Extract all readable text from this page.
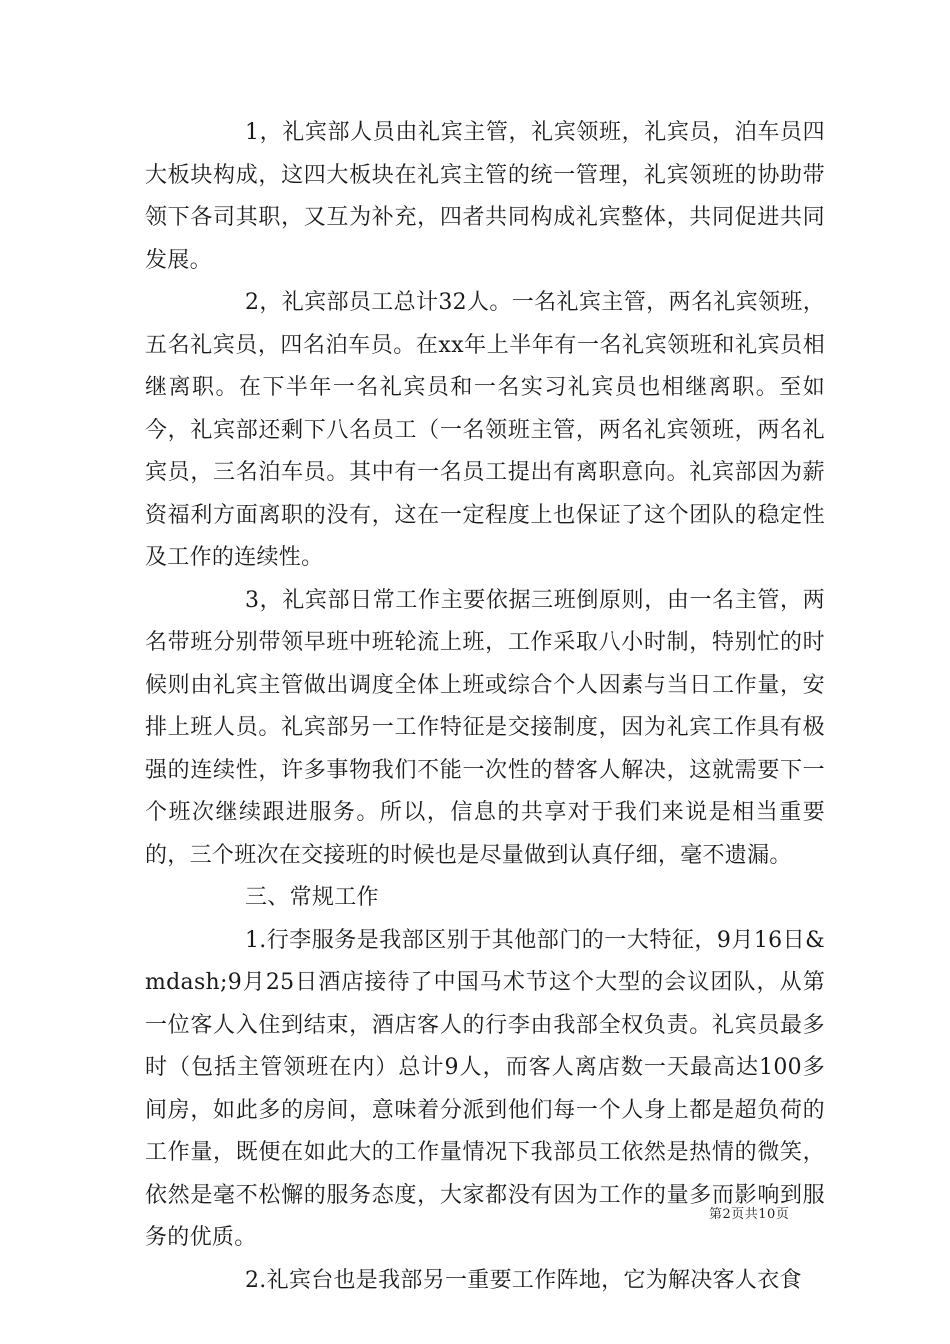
1，礼宾部人员由礼宾主管，礼宾领班，礼宾员，泊车员四大板块构成，这四大板块在礼宾主管的统一管理，礼宾领班的协助带领下各司其职，又互为补充，四者共同构成礼宾整体，共同促进共同发展。

2，礼宾部员工总计32人。一名礼宾主管，两名礼宾领班，五名礼宾员，四名泊车员。在xx年上半年有一名礼宾领班和礼宾员相继离职。在下半年一名礼宾员和一名实习礼宾员也相继离职。至如今，礼宾部还剩下八名员工（一名领班主管，两名礼宾领班，两名礼宾员，三名泊车员。其中有一名员工提出有离职意向。礼宾部因为薪资福利方面离职的没有，这在一定程度上也保证了这个团队的稳定性及工作的连续性。

3，礼宾部日常工作主要依据三班倒原则，由一名主管，两名带班分别带领早班中班轮流上班，工作采取八小时制，特别忙的时候则由礼宾主管做出调度全体上班或综合个人因素与当日工作量，安排上班人员。礼宾部另一工作特征是交接制度，因为礼宾工作具有极强的连续性，许多事物我们不能一次性的替客人解决，这就需要下一个班次继续跟进服务。所以，信息的共享对于我们来说是相当重要的，三个班次在交接班的时候也是尽量做到认真仔细，毫不遗漏。

三、常规工作

1.行李服务是我部区别于其他部门的一大特征，9月16日&mdash;9月25日酒店接待了中国马术节这个大型的会议团队，从第一位客人入住到结束，酒店客人的行李由我部全权负责。礼宾员最多时（包括主管领班在内）总计9人，而客人离店数一天最高达100多间房，如此多的房间，意味着分派到他们每一个人身上都是超负荷的工作量，既便在如此大的工作量情况下我部员工依然是热情的微笑，依然是毫不松懈的服务态度，大家都没有因为工作的量多而影响到服务的优质。

2.礼宾台也是我部另一重要工作阵地，它为解决客人衣食

第2页共10页
